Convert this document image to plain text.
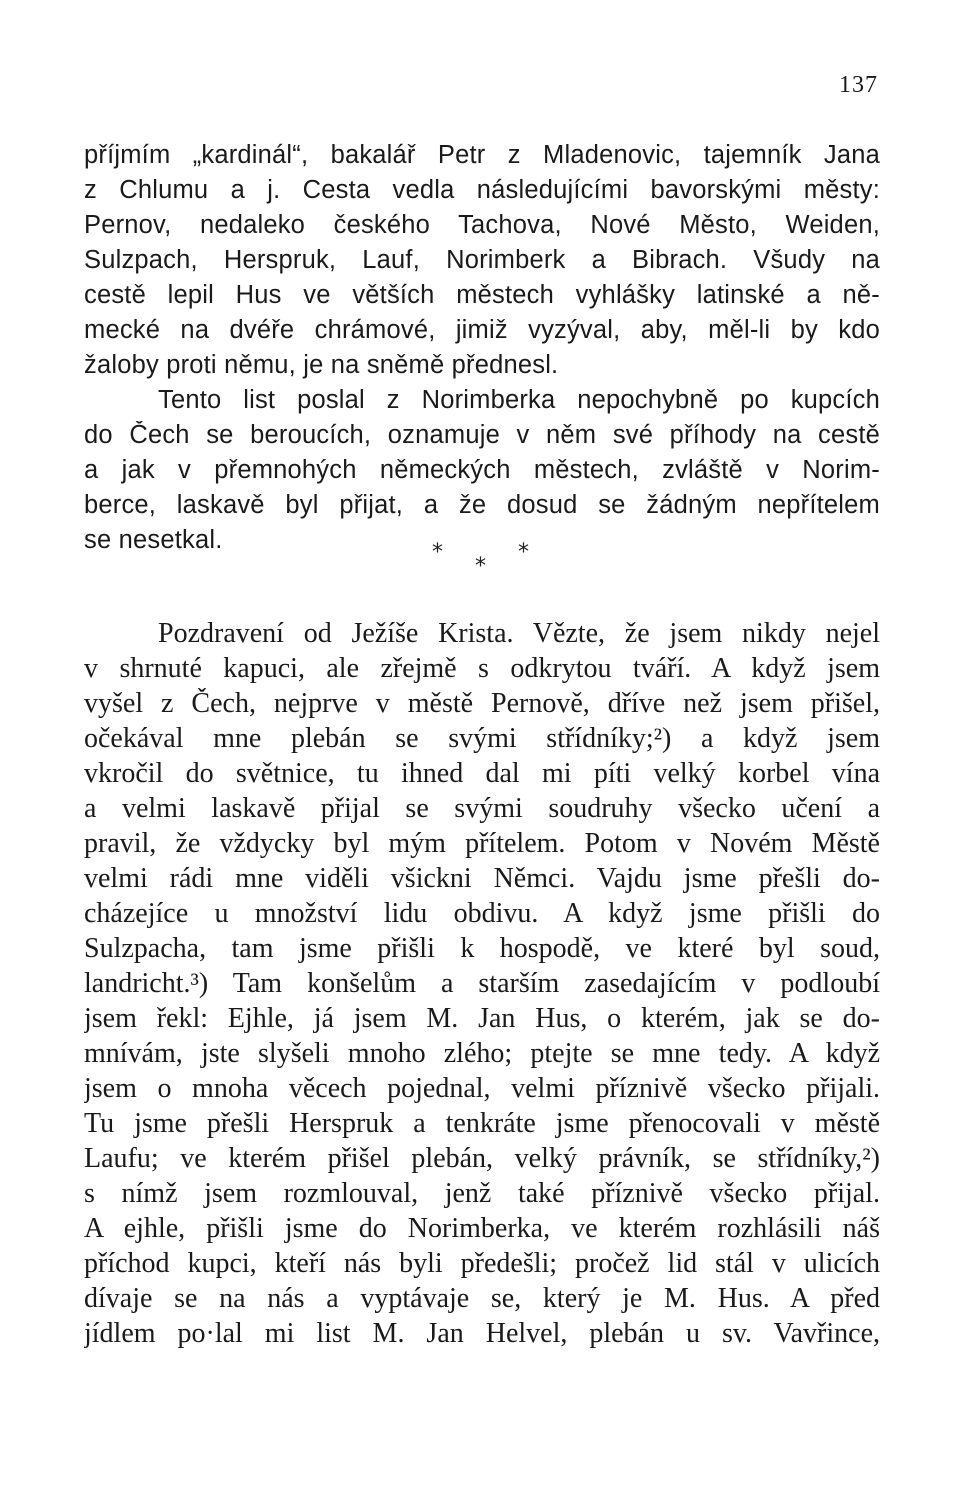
137
příjmím „kardinál“, bakalář Petr z Mladenovic, tajemník Jana
z Chlumu a j. Cesta vedla následujícími bavorskými městy:
Pernov, nedaleko českého Tachova, Nové Město, Weiden,
Sulzpach, Herspruk, Lauf, Norimberk a Bibrach. Všudy na
cestě lepil Hus ve větších městech vyhlášky latinské a ně-
mecké na dvéře chrámové, jimiž vyzýval, aby, měl-li by kdo
žaloby proti němu, je na sněmě přednesl.
Tento list poslal z Norimberka nepochybně po kupcích
do Čech se beroucích, oznamuje v něm své příhody na cestě
a jak v přemnohých německých městech, zvláště v Norim-
berce, laskavě byl přijat, a že dosud se žádným nepřítelem
se nesetkal.	*	*
*
Pozdravení od Ježíše Krista. Vězte, že jsem nikdy nejel
v shrnuté kapuci, ale zřejmě s odkrytou tváří. A když jsem
vyšel z Čech, nejprve v městě Pernově, dříve než jsem přišel,
očekával mne plebán se svými střídníky;²) a když jsem
vkročil do světnice, tu ihned dal mi píti velký korbel vína
a velmi laskavě přijal se svými soudruhy všecko učení a
pravil, že vždycky byl mým přítelem. Potom v Novém Městě
velmi rádi mne viděli všickni Němci. Vajdu jsme přešli do-
cházejíce u množství lidu obdivu. A když jsme přišli do
Sulzpacha, tam jsme přišli k hospodě, ve které byl soud,
landricht.³) Tam konšelům a starším zasedajícím v podloubí
jsem řekl: Ejhle, já jsem M. Jan Hus, o kterém, jak se do-
mnívám, jste slyšeli mnoho zlého; ptejte se mne tedy. A když
jsem o mnoha věcech pojednal, velmi příznivě všecko přijali.
Tu jsme přešli Herspruk a tenkráte jsme přenocovali v městě
Laufu; ve kterém přišel plebán, velký právník, se střídníky,²)
s nímž jsem rozmlouval, jenž také příznivě všecko přijal.
A ejhle, přišli jsme do Norimberka, ve kterém rozhlásili náš
příchod kupci, kteří nás byli předešli; pročež lid stál v ulicích
dívaje se na nás a vyptávaje se, který je M. Hus. A před
jídlem po·lal mi list M. Jan Helvel, plebán u sv. Vavřince,
